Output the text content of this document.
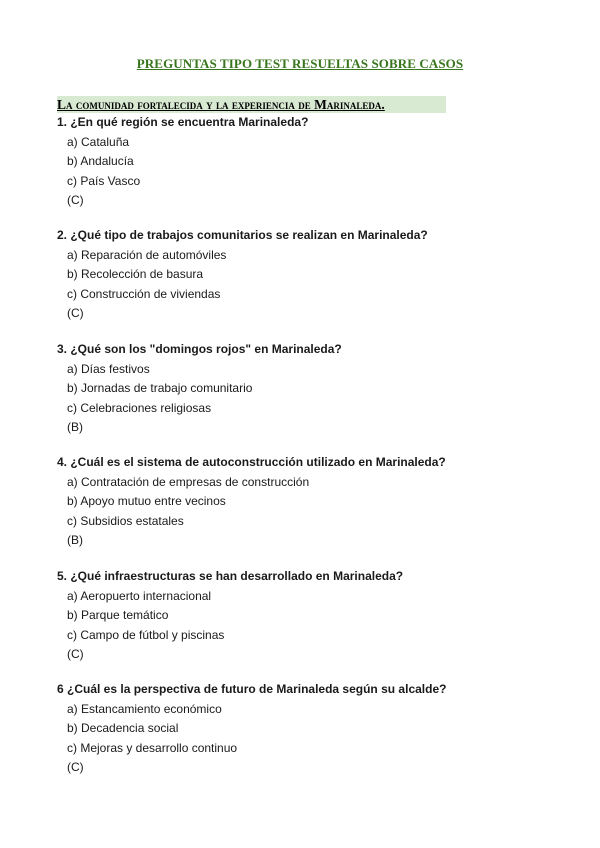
PREGUNTAS TIPO TEST RESUELTAS SOBRE CASOS
La comunidad fortalecida y la experiencia de Marinaleda.
1. ¿En qué región se encuentra Marinaleda?
a) Cataluña
b) Andalucía
c) País Vasco
(C)
2. ¿Qué tipo de trabajos comunitarios se realizan en Marinaleda?
a) Reparación de automóviles
b) Recolección de basura
c) Construcción de viviendas
(C)
3. ¿Qué son los "domingos rojos" en Marinaleda?
a) Días festivos
b) Jornadas de trabajo comunitario
c) Celebraciones religiosas
(B)
4. ¿Cuál es el sistema de autoconstrucción utilizado en Marinaleda?
a) Contratación de empresas de construcción
b) Apoyo mutuo entre vecinos
c) Subsidios estatales
(B)
5. ¿Qué infraestructuras se han desarrollado en Marinaleda?
a) Aeropuerto internacional
b) Parque temático
c) Campo de fútbol y piscinas
(C)
6 ¿Cuál es la perspectiva de futuro de Marinaleda según su alcalde?
a) Estancamiento económico
b) Decadencia social
c) Mejoras y desarrollo continuo
(C)
